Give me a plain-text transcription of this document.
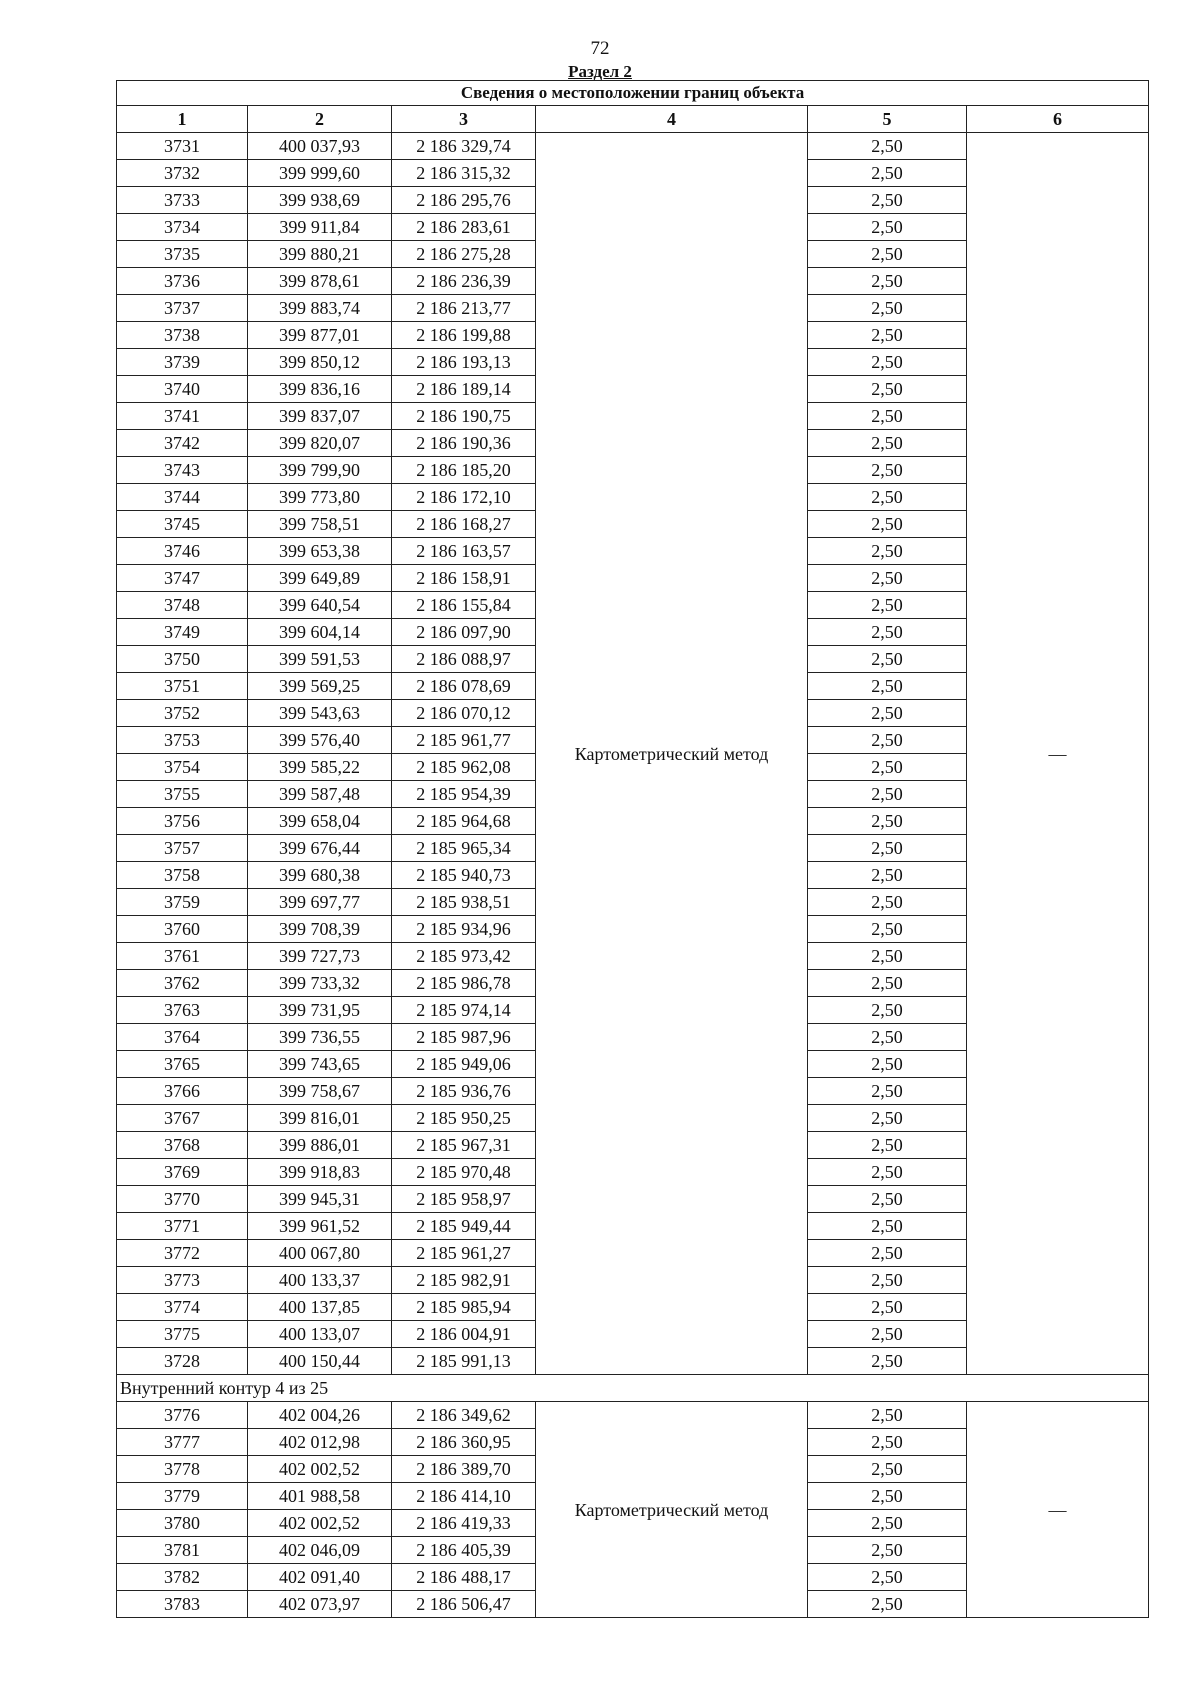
72
Раздел 2
Сведения о местоположении границ объекта					
1	2	3	4	5	6
3731	400 037,93	2 186 329,74	Картометрический метод	2,50	—
3732	399 999,60	2 186 315,32		2,50	
3733	399 938,69	2 186 295,76		2,50	
3734	399 911,84	2 186 283,61		2,50	
3735	399 880,21	2 186 275,28		2,50	
3736	399 878,61	2 186 236,39		2,50	
3737	399 883,74	2 186 213,77		2,50	
3738	399 877,01	2 186 199,88		2,50	
3739	399 850,12	2 186 193,13		2,50	
3740	399 836,16	2 186 189,14		2,50	
3741	399 837,07	2 186 190,75		2,50	
3742	399 820,07	2 186 190,36		2,50	
3743	399 799,90	2 186 185,20		2,50	
3744	399 773,80	2 186 172,10		2,50	
3745	399 758,51	2 186 168,27		2,50	
3746	399 653,38	2 186 163,57		2,50	
3747	399 649,89	2 186 158,91		2,50	
3748	399 640,54	2 186 155,84		2,50	
3749	399 604,14	2 186 097,90		2,50	
3750	399 591,53	2 186 088,97		2,50	
3751	399 569,25	2 186 078,69		2,50	
3752	399 543,63	2 186 070,12		2,50	
3753	399 576,40	2 185 961,77		2,50	
3754	399 585,22	2 185 962,08		2,50	
3755	399 587,48	2 185 954,39		2,50	
3756	399 658,04	2 185 964,68		2,50	
3757	399 676,44	2 185 965,34		2,50	
3758	399 680,38	2 185 940,73		2,50	
3759	399 697,77	2 185 938,51		2,50	
3760	399 708,39	2 185 934,96		2,50	
3761	399 727,73	2 185 973,42		2,50	
3762	399 733,32	2 185 986,78		2,50	
3763	399 731,95	2 185 974,14		2,50	
3764	399 736,55	2 185 987,96		2,50	
3765	399 743,65	2 185 949,06		2,50	
3766	399 758,67	2 185 936,76		2,50	
3767	399 816,01	2 185 950,25		2,50	
3768	399 886,01	2 185 967,31		2,50	
3769	399 918,83	2 185 970,48		2,50	
3770	399 945,31	2 185 958,97		2,50	
3771	399 961,52	2 185 949,44		2,50	
3772	400 067,80	2 185 961,27		2,50	
3773	400 133,37	2 185 982,91		2,50	
3774	400 137,85	2 185 985,94		2,50	
3775	400 133,07	2 186 004,91		2,50	
3728	400 150,44	2 185 991,13		2,50	
Внутренний контур 4 из 25					
3776	402 004,26	2 186 349,62	Картометрический метод	2,50	—
3777	402 012,98	2 186 360,95		2,50	
3778	402 002,52	2 186 389,70		2,50	
3779	401 988,58	2 186 414,10		2,50	
3780	402 002,52	2 186 419,33		2,50	
3781	402 046,09	2 186 405,39		2,50	
3782	402 091,40	2 186 488,17		2,50	
3783	402 073,97	2 186 506,47		2,50	
